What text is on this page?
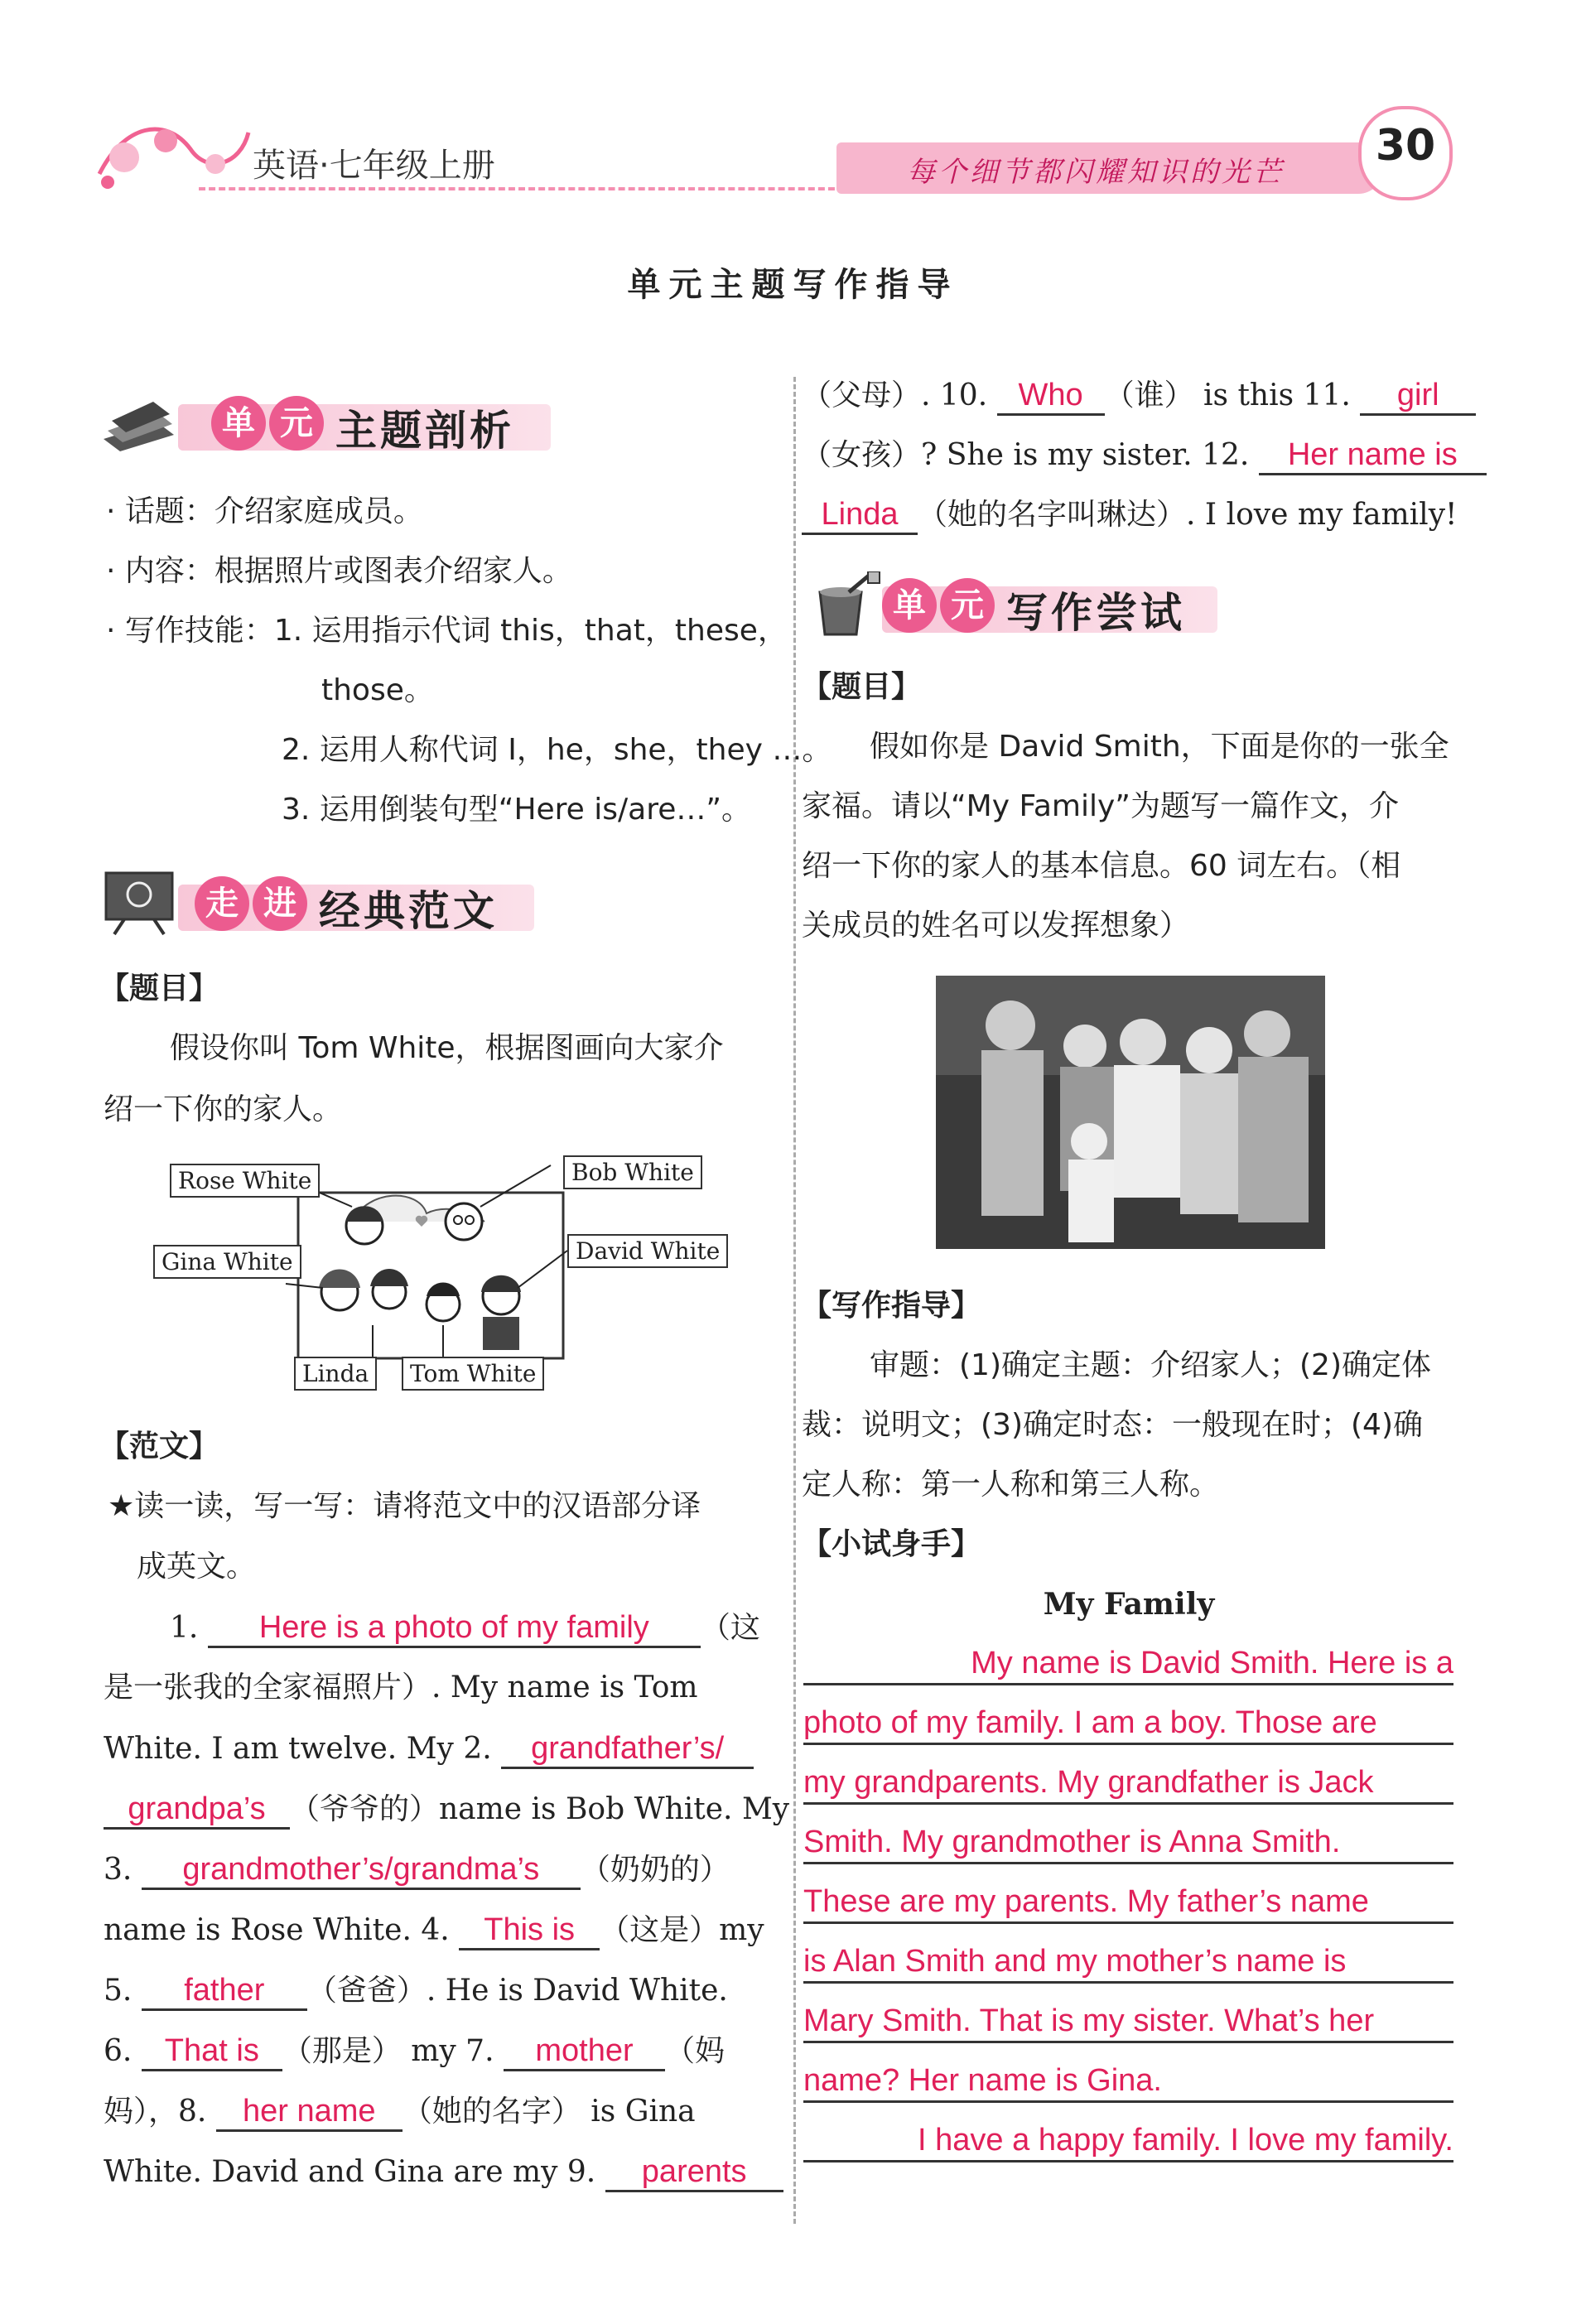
英语·七年级上册	每个细节都闪耀知识的光芒
30
单元主题写作指导
单 元 主题剖析
· 话题：介绍家庭成员。
· 内容：根据照片或图表介绍家人。
· 写作技能：1. 运用指示代词 this，that，these，
those。
2. 运用人称代词 I，he，she，they …。
3. 运用倒装句型“Here is/are…”。
走 进 经典范文
【题目】
假设你叫 Tom White，根据图画向大家介
绍一下你的家人。
Rose White	Bob White
Gina White	David White
Linda	Tom White
【范文】
★读一读，写一写：请将范文中的汉语部分译
成英文。
1. Here is a photo of my family （这
是一张我的全家福照片）. My name is Tom
White. I am twelve. My 2. grandfather’s/
grandpa’s （爷爷的）name is Bob White. My
3. grandmother’s/grandma’s （奶奶的）
name is Rose White. 4. This is （这是）my
5. father （爸爸）. He is David White.
6. That is （那是） my 7. mother （妈
妈），8. her name （她的名字） is Gina
White. David and Gina are my 9. parents
（父母）. 10. Who （谁） is this 11. girl
（女孩）? She is my sister. 12. Her name is
Linda （她的名字叫琳达）. I love my family!
单 元 写作尝试
【题目】
假如你是 David Smith，下面是你的一张全
家福。请以“My Family”为题写一篇作文，介
绍一下你的家人的基本信息。60 词左右。（相
关成员的姓名可以发挥想象）
【写作指导】
审题：(1)确定主题：介绍家人；(2)确定体
裁：说明文；(3)确定时态：一般现在时；(4)确
定人称：第一人称和第三人称。
【小试身手】
My Family
My name is David Smith. Here is a
photo of my family. I am a boy. Those are
my grandparents. My grandfather is Jack
Smith. My grandmother is Anna Smith.
These are my parents. My father’s name
is Alan Smith and my mother’s name is
Mary Smith. That is my sister. What’s her
name? Her name is Gina.
I have a happy family. I love my family.
